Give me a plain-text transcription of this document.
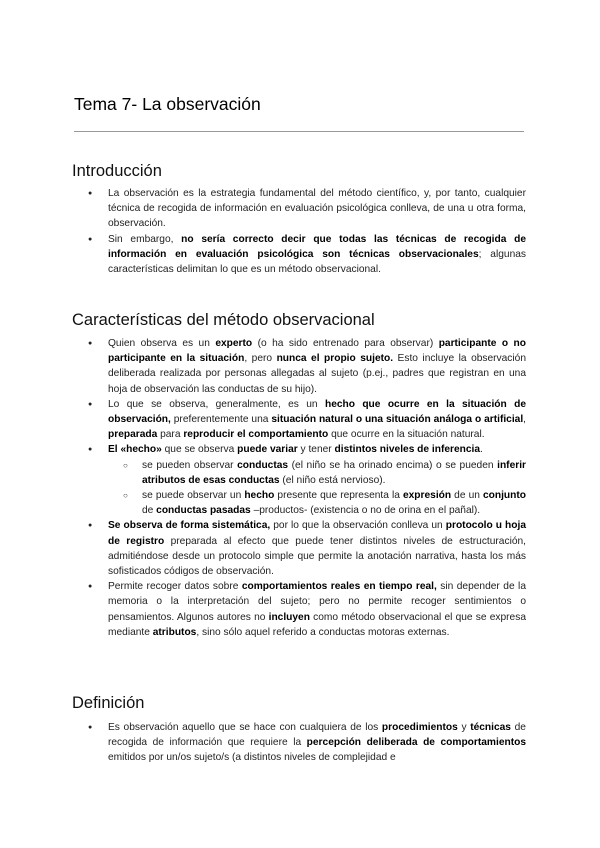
Tema 7- La observación
Introducción
● La observación es la estrategia fundamental del método científico, y, por tanto, cualquier técnica de recogida de información en evaluación psicológica conlleva, de una u otra forma, observación.
● Sin embargo, no sería correcto decir que todas las técnicas de recogida de información en evaluación psicológica son técnicas observacionales; algunas características delimitan lo que es un método observacional.
Características del método observacional
● Quien observa es un experto (o ha sido entrenado para observar) participante o no participante en la situación, pero nunca el propio sujeto. Esto incluye la observación deliberada realizada por personas allegadas al sujeto (p.ej., padres que registran en una hoja de observación las conductas de su hijo).
● Lo que se observa, generalmente, es un hecho que ocurre en la situación de observación, preferentemente una situación natural o una situación análoga o artificial, preparada para reproducir el comportamiento que ocurre en la situación natural.
● El «hecho» que se observa puede variar y tener distintos niveles de inferencia.
○ se pueden observar conductas (el niño se ha orinado encima) o se pueden inferir atributos de esas conductas (el niño está nervioso).
○ se puede observar un hecho presente que representa la expresión de un conjunto de conductas pasadas –productos- (existencia o no de orina en el pañal).
● Se observa de forma sistemática, por lo que la observación conlleva un protocolo u hoja de registro preparada al efecto que puede tener distintos niveles de estructuración, admitiéndose desde un protocolo simple que permite la anotación narrativa, hasta los más sofisticados códigos de observación.
● Permite recoger datos sobre comportamientos reales en tiempo real, sin depender de la memoria o la interpretación del sujeto; pero no permite recoger sentimientos o pensamientos. Algunos autores no incluyen como método observacional el que se expresa mediante atributos, sino sólo aquel referido a conductas motoras externas.
Definición
● Es observación aquello que se hace con cualquiera de los procedimientos y técnicas de recogida de información que requiere la percepción deliberada de comportamientos emitidos por un/os sujeto/s (a distintos niveles de complejidad e
